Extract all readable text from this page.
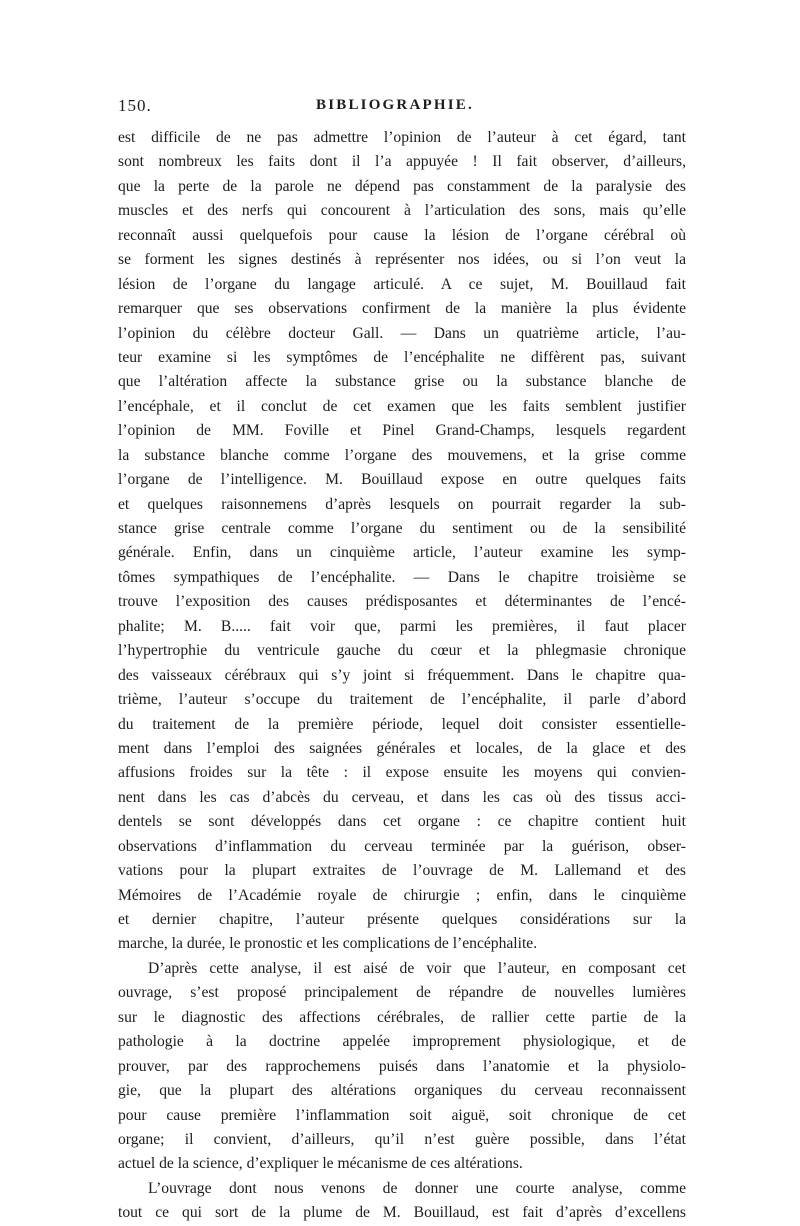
150.	BIBLIOGRAPHIE.
est difficile de ne pas admettre l’opinion de l’auteur à cet égard, tant
sont nombreux les faits dont il l’a appuyée ! Il fait observer, d’ailleurs,
que la perte de la parole ne dépend pas constamment de la paralysie des
muscles et des nerfs qui concourent à l’articulation des sons, mais qu’elle
reconnaît aussi quelquefois pour cause la lésion de l’organe cérébral où
se forment les signes destinés à représenter nos idées, ou si l’on veut la
lésion de l’organe du langage articulé. A ce sujet, M. Bouillaud fait
remarquer que ses observations confirment de la manière la plus évidente
l’opinion du célèbre docteur Gall. — Dans un quatrième article, l’au-
teur examine si les symptômes de l’encéphalite ne diffèrent pas, suivant
que l’altération affecte la substance grise ou la substance blanche de
l’encéphale, et il conclut de cet examen que les faits semblent justifier
l’opinion de MM. Foville et Pinel Grand-Champs, lesquels regardent
la substance blanche comme l’organe des mouvemens, et la grise comme
l’organe de l’intelligence. M. Bouillaud expose en outre quelques faits
et quelques raisonnemens d’après lesquels on pourrait regarder la sub-
stance grise centrale comme l’organe du sentiment ou de la sensibilité
générale. Enfin, dans un cinquième article, l’auteur examine les symp-
tômes sympathiques de l’encéphalite. — Dans le chapitre troisième se
trouve l’exposition des causes prédisposantes et déterminantes de l’encé-
phalite; M. B..... fait voir que, parmi les premières, il faut placer
l’hypertrophie du ventricule gauche du cœur et la phlegmasie chronique
des vaisseaux cérébraux qui s’y joint si fréquemment. Dans le chapitre qua-
trième, l’auteur s’occupe du traitement de l’encéphalite, il parle d’abord
du traitement de la première période, lequel doit consister essentielle-
ment dans l’emploi des saignées générales et locales, de la glace et des
affusions froides sur la tête : il expose ensuite les moyens qui convien-
nent dans les cas d’abcès du cerveau, et dans les cas où des tissus acci-
dentels se sont développés dans cet organe : ce chapitre contient huit
observations d’inflammation du cerveau terminée par la guérison, obser-
vations pour la plupart extraites de l’ouvrage de M. Lallemand et des
Mémoires de l’Académie royale de chirurgie ; enfin, dans le cinquième
et dernier chapitre, l’auteur présente quelques considérations sur la
marche, la durée, le pronostic et les complications de l’encéphalite.
D’après cette analyse, il est aisé de voir que l’auteur, en composant cet
ouvrage, s’est proposé principalement de répandre de nouvelles lumières
sur le diagnostic des affections cérébrales, de rallier cette partie de la
pathologie à la doctrine appelée improprement physiologique, et de
prouver, par des rapprochemens puisés dans l’anatomie et la physiolo-
gie, que la plupart des altérations organiques du cerveau reconnaissent
pour cause première l’inflammation soit aiguë, soit chronique de cet
organe; il convient, d’ailleurs, qu’il n’est guère possible, dans l’état
actuel de la science, d’expliquer le mécanisme de ces altérations.
L’ouvrage dont nous venons de donner une courte analyse, comme
tout ce qui sort de la plume de M. Bouillaud, est fait d’après d’excellens
